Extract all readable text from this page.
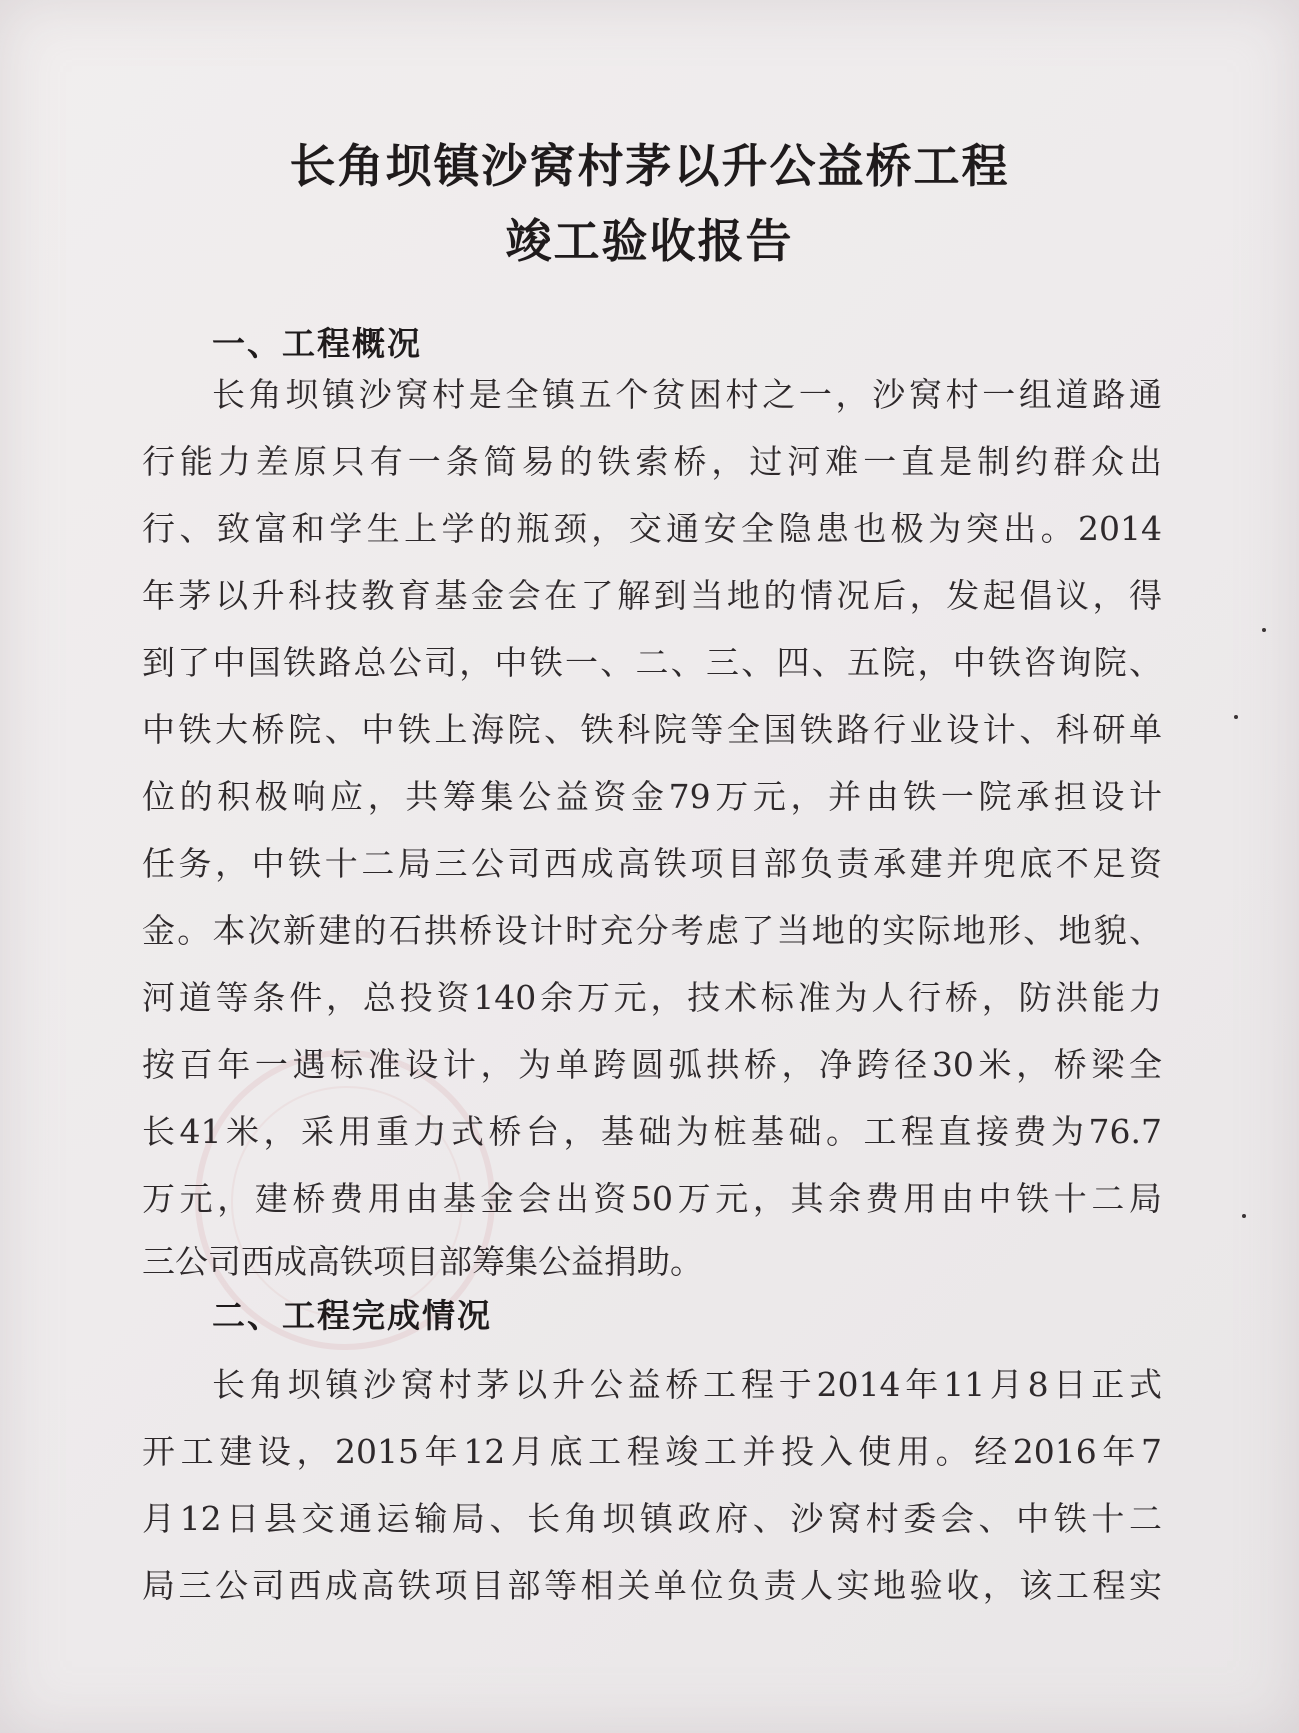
长角坝镇沙窝村茅以升公益桥工程
竣工验收报告
一、工程概况
长角坝镇沙窝村是全镇五个贫困村之一，沙窝村一组道路通
行能力差原只有一条简易的铁索桥，过河难一直是制约群众出
行、致富和学生上学的瓶颈，交通安全隐患也极为突出。2014
年茅以升科技教育基金会在了解到当地的情况后，发起倡议，得
到了中国铁路总公司，中铁一、二、三、四、五院，中铁咨询院、
中铁大桥院、中铁上海院、铁科院等全国铁路行业设计、科研单
位的积极响应，共筹集公益资金79万元，并由铁一院承担设计
任务，中铁十二局三公司西成高铁项目部负责承建并兜底不足资
金。本次新建的石拱桥设计时充分考虑了当地的实际地形、地貌、
河道等条件，总投资140余万元，技术标准为人行桥，防洪能力
按百年一遇标准设计，为单跨圆弧拱桥，净跨径30米，桥梁全
长41米，采用重力式桥台，基础为桩基础。工程直接费为76.7
万元，建桥费用由基金会出资50万元，其余费用由中铁十二局
三公司西成高铁项目部筹集公益捐助。
二、工程完成情况
长角坝镇沙窝村茅以升公益桥工程于2014年11月8日正式
开工建设，2015年12月底工程竣工并投入使用。经2016年7
月12日县交通运输局、长角坝镇政府、沙窝村委会、中铁十二
局三公司西成高铁项目部等相关单位负责人实地验收，该工程实
